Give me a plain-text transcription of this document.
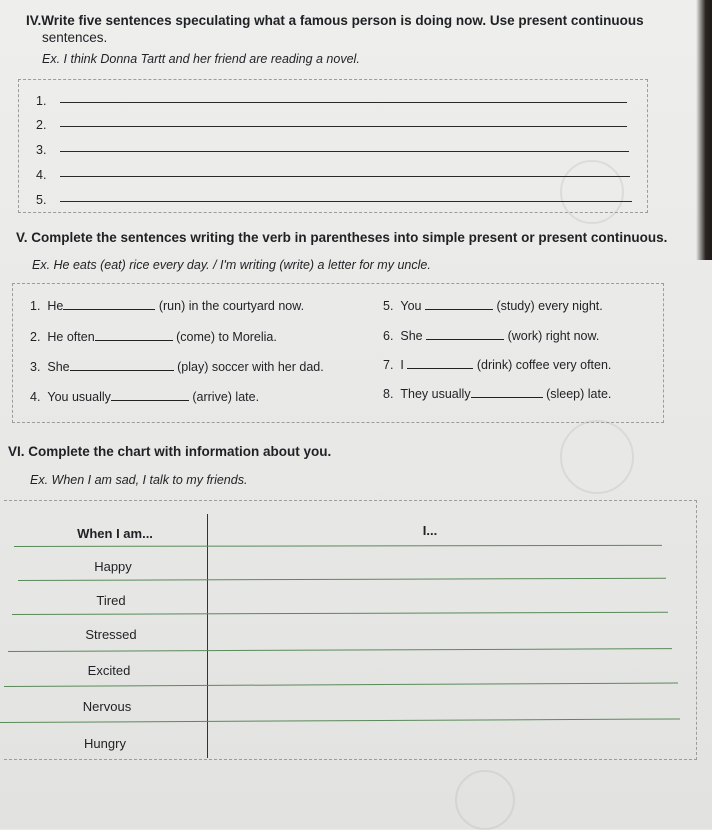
IV.Write five sentences speculating what a famous person is doing now. Use present continuous
sentences.
Ex. I think Donna Tartt and her friend are reading a novel.
1.
2.
3.
4.
5.
V. Complete the sentences writing the verb in parentheses into simple present or present continuous.
Ex. He eats (eat) rice every day. / I'm writing (write) a letter for my uncle.
1. He	(run) in the courtyard now.
2. He often	(come) to Morelia.
3. She	(play) soccer with her dad.
4. You usually	(arrive) late.
5. You	(study) every night.
6. She	(work) right now.
7. I	(drink) coffee very often.
8. They usually	(sleep) late.
VI. Complete the chart with information about you.
Ex. When I am sad, I talk to my friends.
When I am...	I...
Happy
Tired
Stressed
Excited
Nervous
Hungry
